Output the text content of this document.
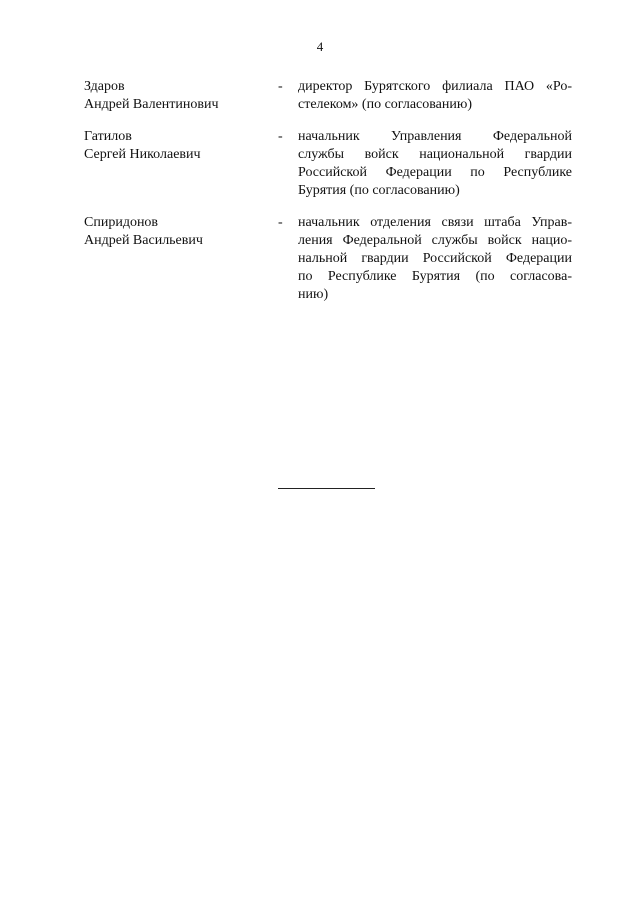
4
Здаров
Андрей Валентинович
-	директор Бурятского филиала ПАО «Ро-
стелеком» (по согласованию)
Гатилов
Сергей Николаевич
-	начальник Управления Федеральной
службы войск национальной гвардии
Российской Федерации по Республике
Бурятия (по согласованию)
Спиридонов
Андрей Васильевич
-	начальник отделения связи штаба Управ-
ления Федеральной службы войск нацио-
нальной гвардии Российской Федерации
по Республике Бурятия (по согласова-
нию)
